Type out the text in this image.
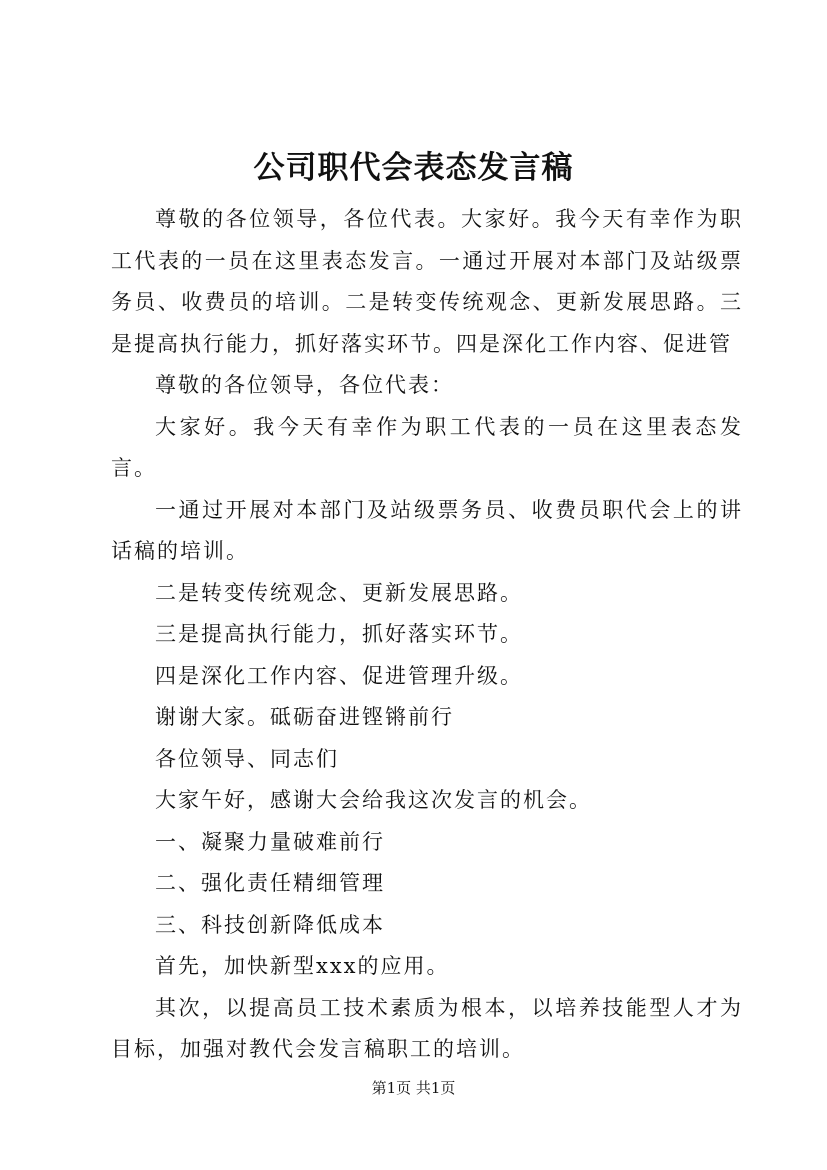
公司职代会表态发言稿

尊敬的各位领导，各位代表。大家好。我今天有幸作为职工代表的一员在这里表态发言。一通过开展对本部门及站级票务员、收费员的培训。二是转变传统观念、更新发展思路。三是提高执行能力，抓好落实环节。四是深化工作内容、促进管

尊敬的各位领导，各位代表：

大家好。我今天有幸作为职工代表的一员在这里表态发言。

一通过开展对本部门及站级票务员、收费员职代会上的讲话稿的培训。

二是转变传统观念、更新发展思路。

三是提高执行能力，抓好落实环节。

四是深化工作内容、促进管理升级。

谢谢大家。砥砺奋进铿锵前行

各位领导、同志们

大家午好，感谢大会给我这次发言的机会。

一、凝聚力量破难前行

二、强化责任精细管理

三、科技创新降低成本

首先，加快新型xxx的应用。

其次，以提高员工技术素质为根本，以培养技能型人才为目标，加强对教代会发言稿职工的培训。

第1页 共1页
